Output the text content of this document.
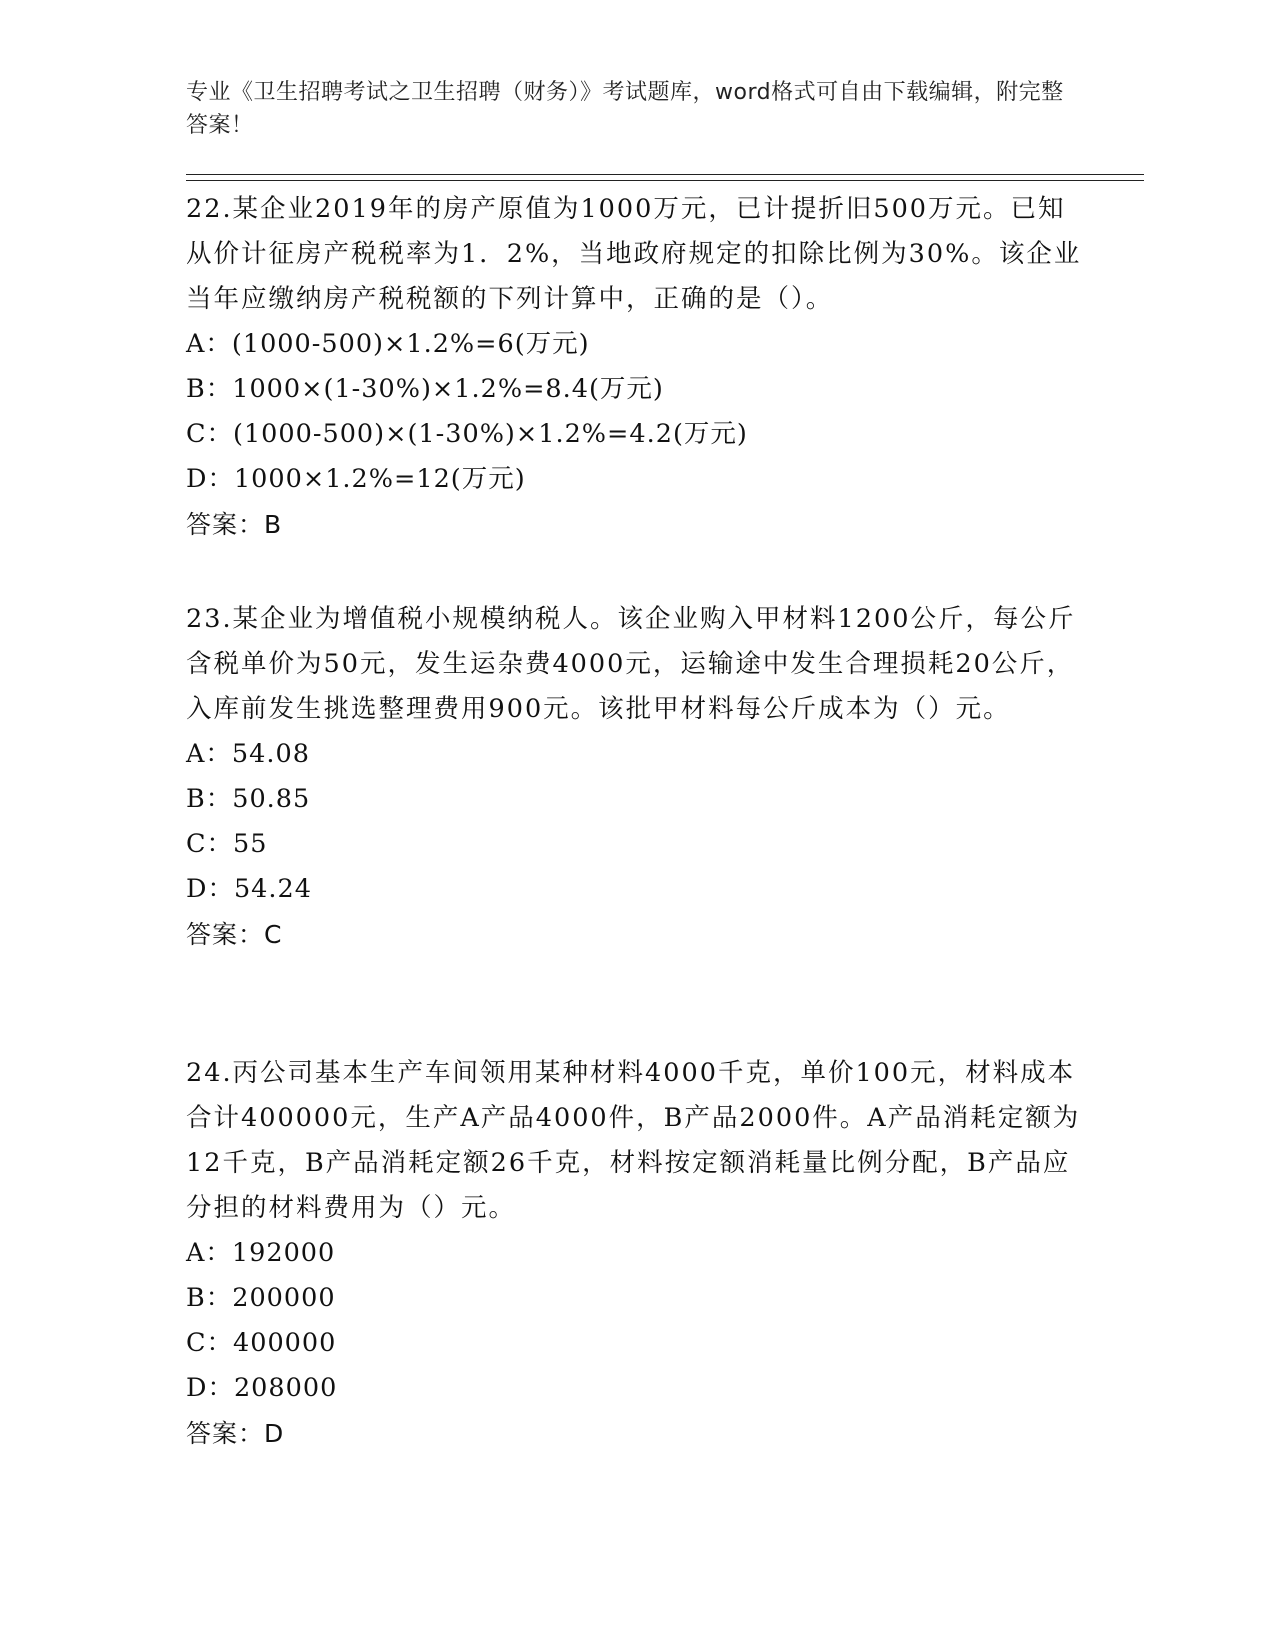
专业《卫生招聘考试之卫生招聘（财务）》考试题库，word格式可自由下载编辑，附完整答案！
22.某企业2019年的房产原值为1000万元，已计提折旧500万元。已知从价计征房产税税率为1．2%，当地政府规定的扣除比例为30%。该企业当年应缴纳房产税税额的下列计算中，正确的是（）。
A：(1000-500)×1.2%=6(万元)
B：1000×(1-30%)×1.2%=8.4(万元)
C：(1000-500)×(1-30%)×1.2%=4.2(万元)
D：1000×1.2%=12(万元)
答案：B
23.某企业为增值税小规模纳税人。该企业购入甲材料1200公斤，每公斤含税单价为50元，发生运杂费4000元，运输途中发生合理损耗20公斤，入库前发生挑选整理费用900元。该批甲材料每公斤成本为（）元。
A：54.08
B：50.85
C：55
D：54.24
答案：C
24.丙公司基本生产车间领用某种材料4000千克，单价100元，材料成本合计400000元，生产A产品4000件，B产品2000件。A产品消耗定额为12千克，B产品消耗定额26千克，材料按定额消耗量比例分配，B产品应分担的材料费用为（）元。
A：192000
B：200000
C：400000
D：208000
答案：D
